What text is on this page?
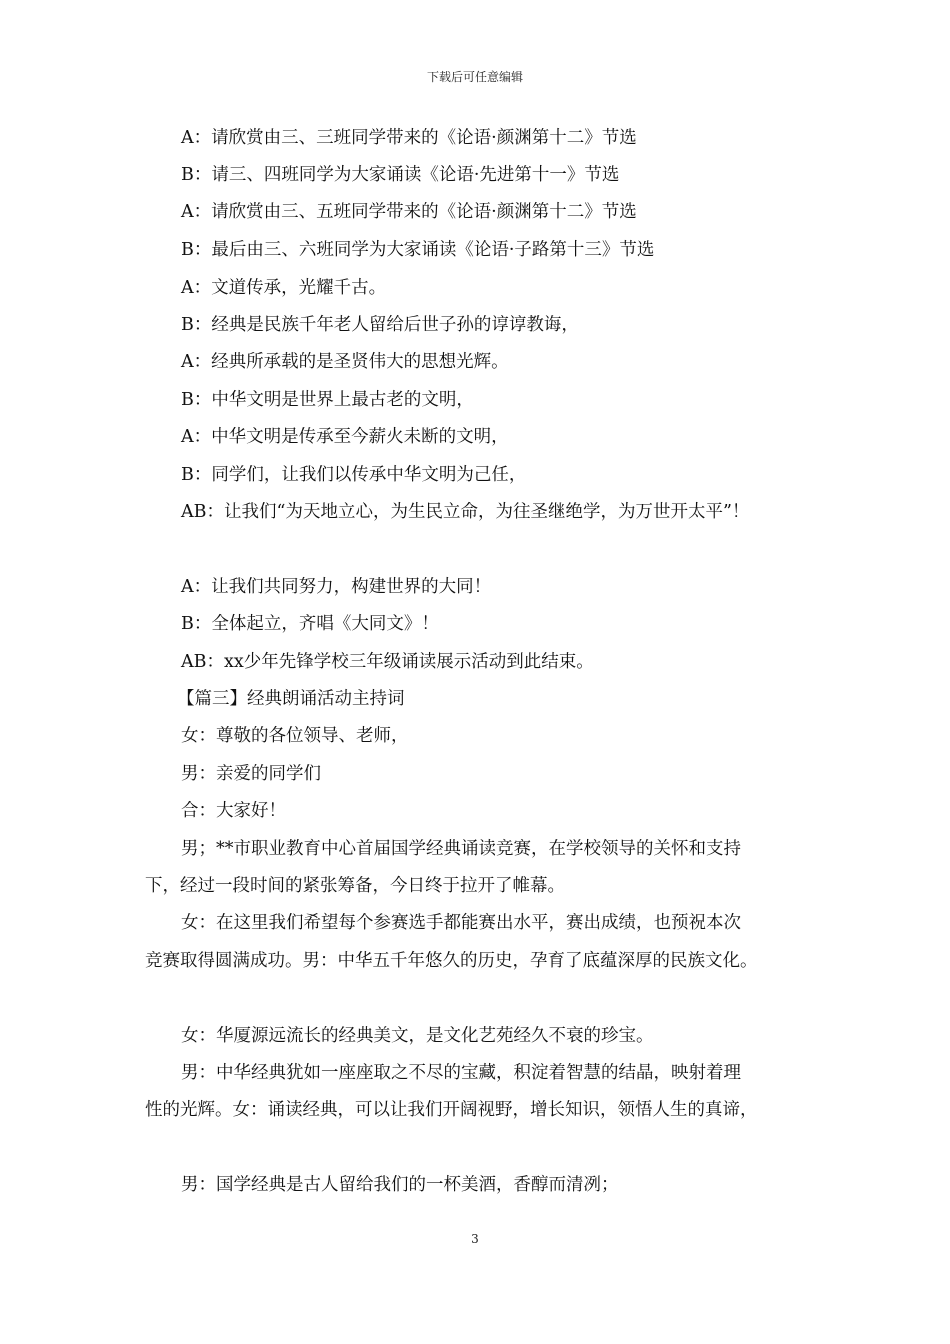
下载后可任意编辑
A：请欣赏由三、三班同学带来的《论语·颜渊第十二》节选
B：请三、四班同学为大家诵读《论语·先进第十一》节选
A：请欣赏由三、五班同学带来的《论语·颜渊第十二》节选
B：最后由三、六班同学为大家诵读《论语·子路第十三》节选
A：文道传承，光耀千古。
B：经典是民族千年老人留给后世子孙的谆谆教诲，
A：经典所承载的是圣贤伟大的思想光辉。
B：中华文明是世界上最古老的文明，
A：中华文明是传承至今薪火未断的文明，
B：同学们，让我们以传承中华文明为己任，
AB：让我们“为天地立心，为生民立命，为往圣继绝学，为万世开太平”！
A：让我们共同努力，构建世界的大同！
B：全体起立，齐唱《大同文》！
AB：xx少年先锋学校三年级诵读展示活动到此结束。
【篇三】经典朗诵活动主持词
女：尊敬的各位领导、老师，
男：亲爱的同学们
合：大家好！
男；**市职业教育中心首届国学经典诵读竞赛，在学校领导的关怀和支持
下，经过一段时间的紧张筹备，今日终于拉开了帷幕。
女：在这里我们希望每个参赛选手都能赛出水平，赛出成绩，也预祝本次
竞赛取得圆满成功。男：中华五千年悠久的历史，孕育了底蕴深厚的民族文化。
女：华厦源远流长的经典美文，是文化艺苑经久不衰的珍宝。
男：中华经典犹如一座座取之不尽的宝藏，积淀着智慧的结晶，映射着理
性的光辉。女：诵读经典，可以让我们开阔视野，增长知识，领悟人生的真谛，
男：国学经典是古人留给我们的一杯美酒，香醇而清冽；
3
